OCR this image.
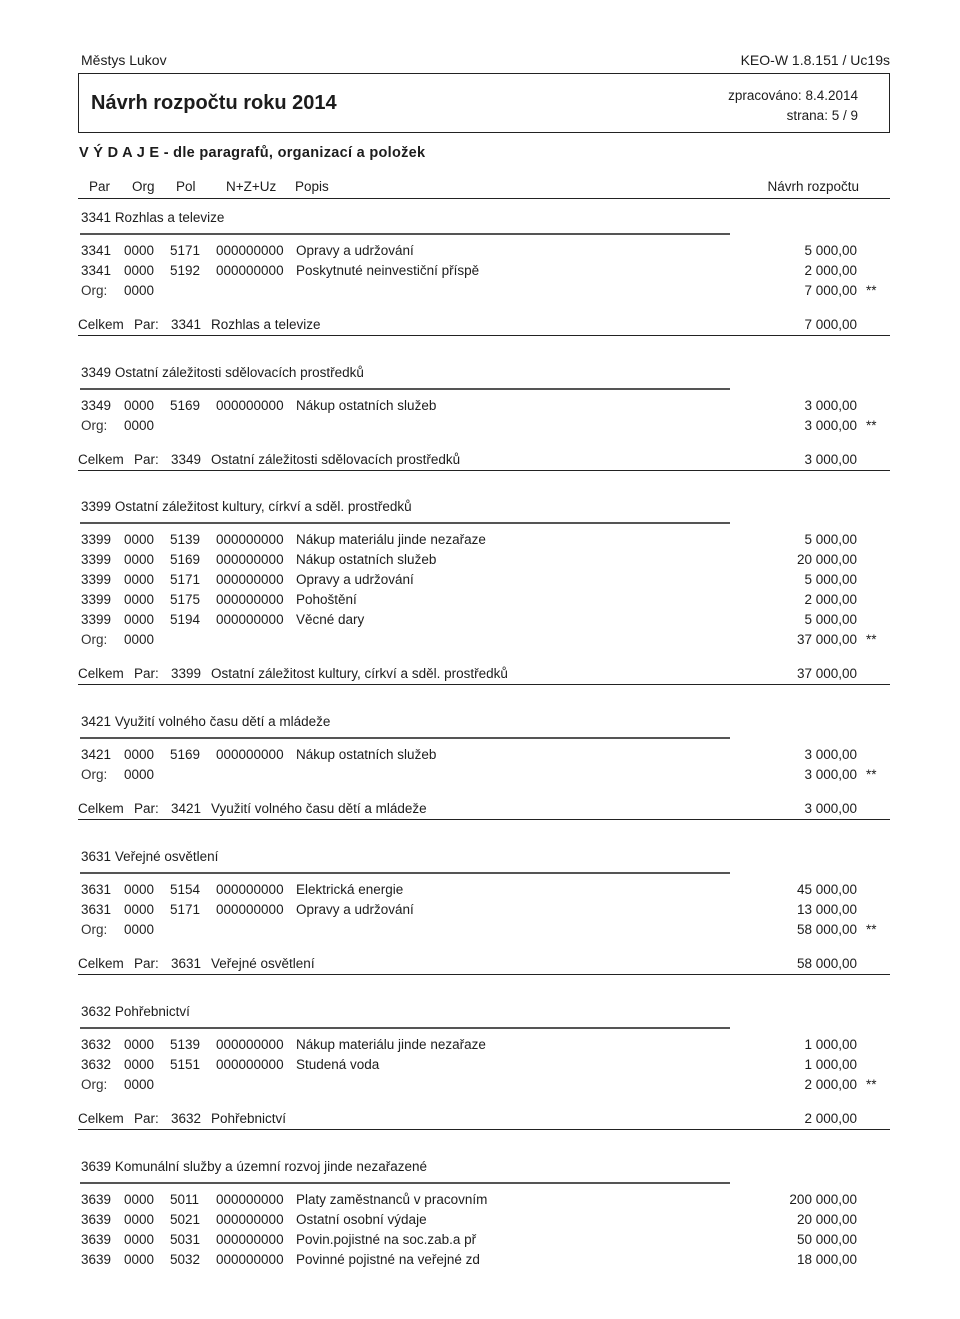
Městys Lukov	KEO-W 1.8.151 / Uc19s
Návrh rozpočtu roku 2014	zpracováno: 8.4.2014
strana: 5 / 9
V Ý D A J E - dle paragrafů, organizací a položek
Par Org Pol N+Z+Uz Popis	Návrh rozpočtu
3341 Rozhlas a televize
3341 0000 5171 000000000 Opravy a udržování	5 000,00
3341 0000 5192 000000000 Poskytnuté neinvestiční příspě	2 000,00
Org: 0000	7 000,00 **
Celkem Par: 3341 Rozhlas a televize	7 000,00
3349 Ostatní záležitosti sdělovacích prostředků
3349 0000 5169 000000000 Nákup ostatních služeb	3 000,00
Org: 0000	3 000,00 **
Celkem Par: 3349 Ostatní záležitosti sdělovacích prostředků	3 000,00
3399 Ostatní záležitost kultury, církví a sděl. prostředků
3399 0000 5139 000000000 Nákup materiálu jinde nezařaze	5 000,00
3399 0000 5169 000000000 Nákup ostatních služeb	20 000,00
3399 0000 5171 000000000 Opravy a udržování	5 000,00
3399 0000 5175 000000000 Pohoštění	2 000,00
3399 0000 5194 000000000 Věcné dary	5 000,00
Org: 0000	37 000,00 **
Celkem Par: 3399 Ostatní záležitost kultury, církví a sděl. prostředků	37 000,00
3421 Využití volného času dětí a mládeže
3421 0000 5169 000000000 Nákup ostatních služeb	3 000,00
Org: 0000	3 000,00 **
Celkem Par: 3421 Využití volného času dětí a mládeže	3 000,00
3631 Veřejné osvětlení
3631 0000 5154 000000000 Elektrická energie	45 000,00
3631 0000 5171 000000000 Opravy a udržování	13 000,00
Org: 0000	58 000,00 **
Celkem Par: 3631 Veřejné osvětlení	58 000,00
3632 Pohřebnictví
3632 0000 5139 000000000 Nákup materiálu jinde nezařaze	1 000,00
3632 0000 5151 000000000 Studená voda	1 000,00
Org: 0000	2 000,00 **
Celkem Par: 3632 Pohřebnictví	2 000,00
3639 Komunální služby a územní rozvoj jinde nezařazené
3639 0000 5011 000000000 Platy zaměstnanců v pracovním	200 000,00
3639 0000 5021 000000000 Ostatní osobní výdaje	20 000,00
3639 0000 5031 000000000 Povin.pojistné na soc.zab.a př	50 000,00
3639 0000 5032 000000000 Povinné pojistné na veřejné zd	18 000,00
